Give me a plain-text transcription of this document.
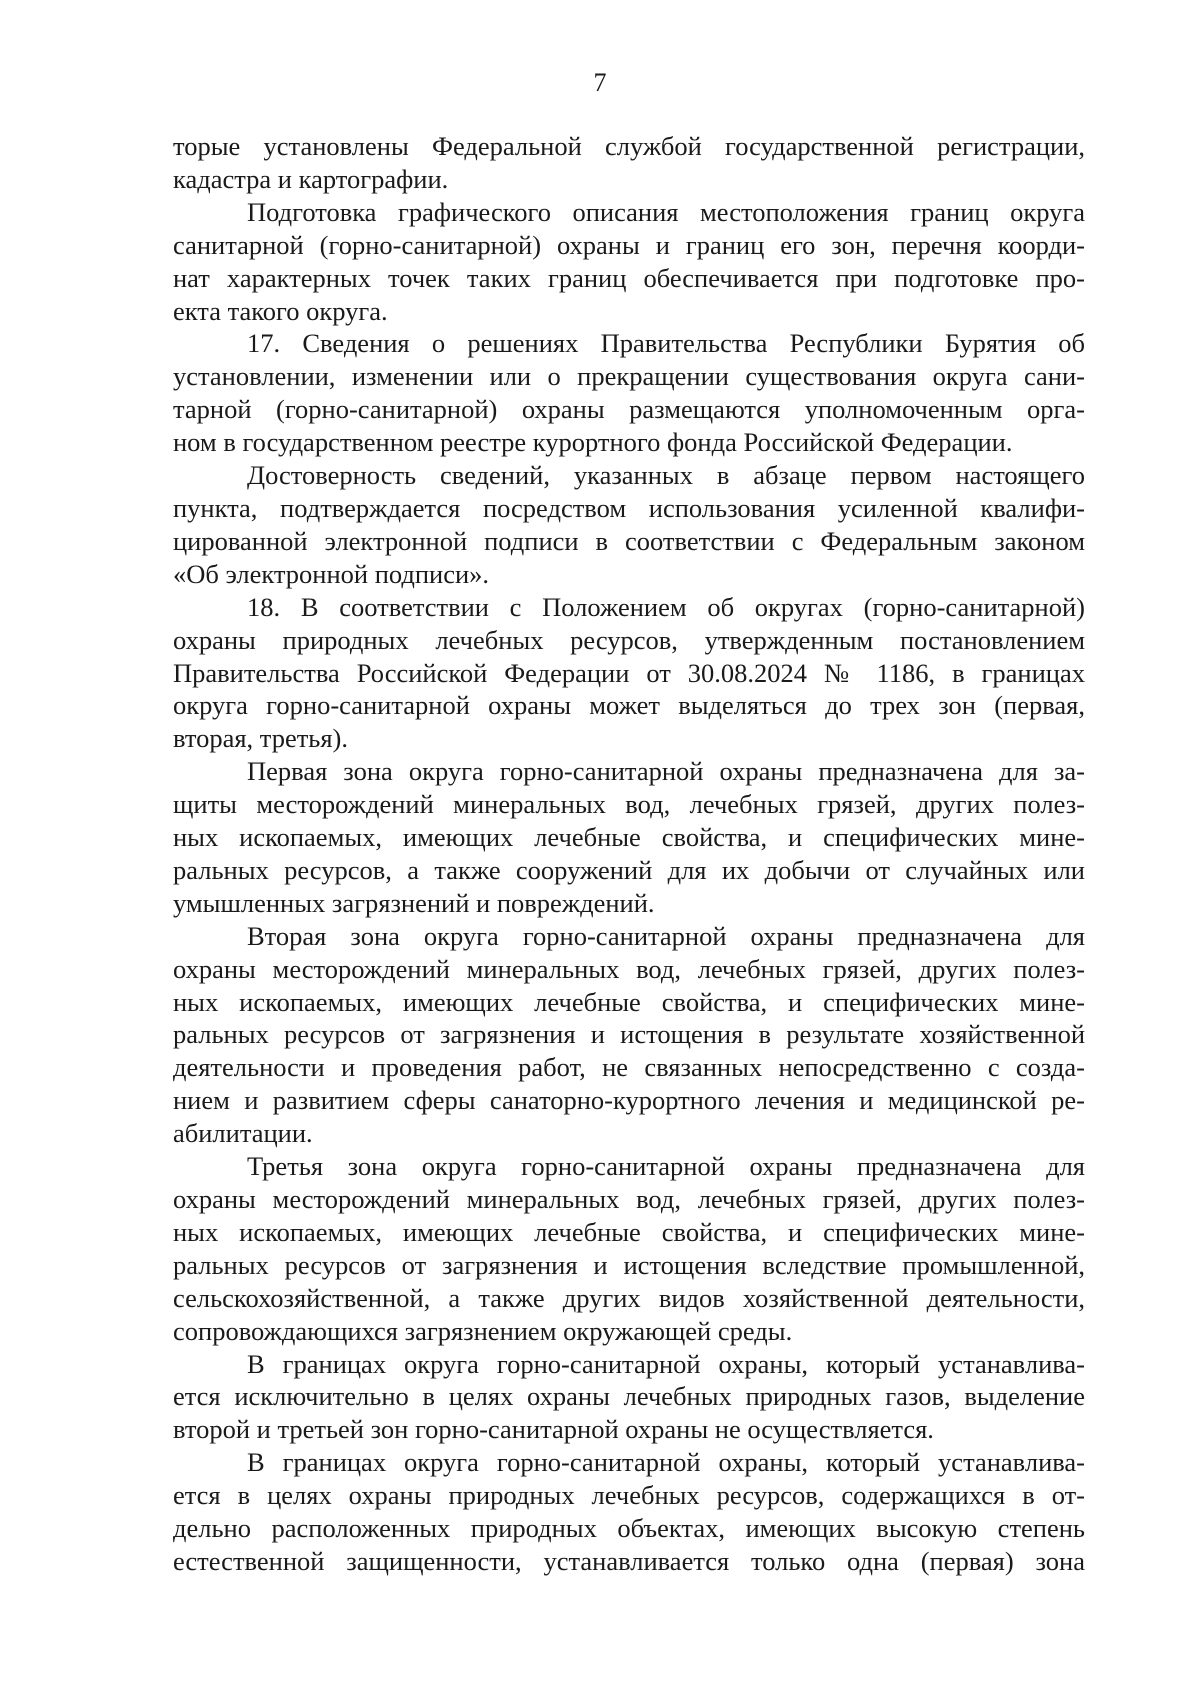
7
торые установлены Федеральной службой государственной регистрации,
кадастра и картографии.
Подготовка графического описания местоположения границ округа
санитарной (горно-санитарной) охраны и границ его зон, перечня коорди-
нат характерных точек таких границ обеспечивается при подготовке про-
екта такого округа.
17. Сведения о решениях Правительства Республики Бурятия об
установлении, изменении или о прекращении существования округа сани-
тарной (горно-санитарной) охраны размещаются уполномоченным орга-
ном в государственном реестре курортного фонда Российской Федерации.
Достоверность сведений, указанных в абзаце первом настоящего
пункта, подтверждается посредством использования усиленной квалифи-
цированной электронной подписи в соответствии с Федеральным законом
«Об электронной подписи».
18. В соответствии с Положением об округах (горно-санитарной)
охраны природных лечебных ресурсов, утвержденным постановлением
Правительства Российской Федерации от 30.08.2024 № 1186, в границах
округа горно-санитарной охраны может выделяться до трех зон (первая,
вторая, третья).
Первая зона округа горно-санитарной охраны предназначена для за-
щиты месторождений минеральных вод, лечебных грязей, других полез-
ных ископаемых, имеющих лечебные свойства, и специфических мине-
ральных ресурсов, а также сооружений для их добычи от случайных или
умышленных загрязнений и повреждений.
Вторая зона округа горно-санитарной охраны предназначена для
охраны месторождений минеральных вод, лечебных грязей, других полез-
ных ископаемых, имеющих лечебные свойства, и специфических мине-
ральных ресурсов от загрязнения и истощения в результате хозяйственной
деятельности и проведения работ, не связанных непосредственно с созда-
нием и развитием сферы санаторно-курортного лечения и медицинской ре-
абилитации.
Третья зона округа горно-санитарной охраны предназначена для
охраны месторождений минеральных вод, лечебных грязей, других полез-
ных ископаемых, имеющих лечебные свойства, и специфических мине-
ральных ресурсов от загрязнения и истощения вследствие промышленной,
сельскохозяйственной, а также других видов хозяйственной деятельности,
сопровождающихся загрязнением окружающей среды.
В границах округа горно-санитарной охраны, который устанавлива-
ется исключительно в целях охраны лечебных природных газов, выделение
второй и третьей зон горно-санитарной охраны не осуществляется.
В границах округа горно-санитарной охраны, который устанавлива-
ется в целях охраны природных лечебных ресурсов, содержащихся в от-
дельно расположенных природных объектах, имеющих высокую степень
естественной защищенности, устанавливается только одна (первая) зона
